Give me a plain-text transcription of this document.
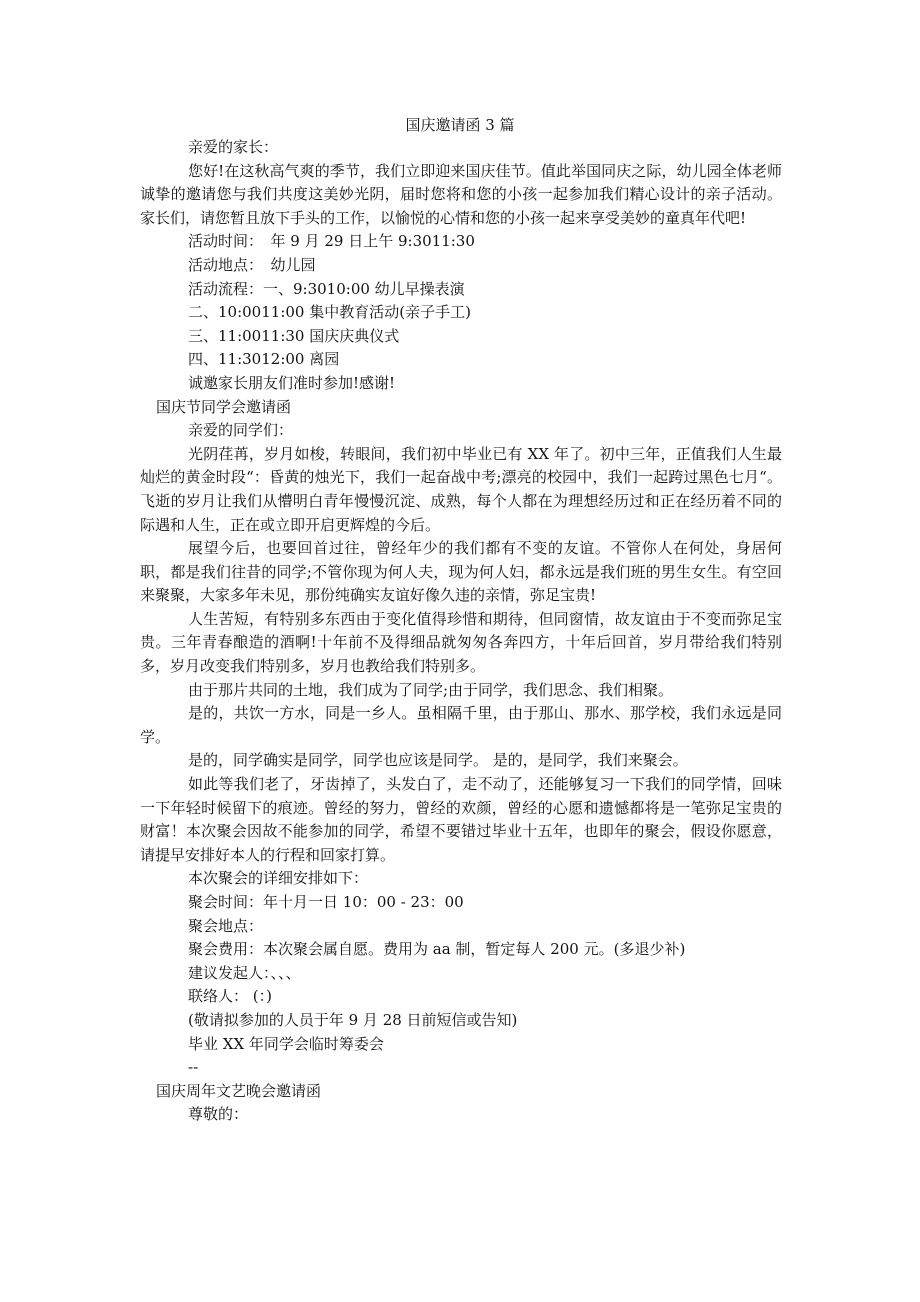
国庆邀请函 3 篇

亲爱的家长：

您好!在这秋高气爽的季节，我们立即迎来国庆佳节。值此举国同庆之际，幼儿园全体老师诚挚的邀请您与我们共度这美妙光阴，届时您将和您的小孩一起参加我们精心设计的亲子活动。家长们，请您暂且放下手头的工作，以愉悦的心情和您的小孩一起来享受美妙的童真年代吧!

活动时间：　年 9 月 29 日上午 9:3011:30

活动地点：　幼儿园

活动流程：一、9:3010:00 幼儿早操表演

二、10:0011:00 集中教育活动(亲子手工)

三、11:0011:30 国庆庆典仪式

四、11:3012:00 离园

诚邀家长朋友们准时参加!感谢!

国庆节同学会邀请函

亲爱的同学们：

光阴荏苒，岁月如梭，转眼间，我们初中毕业已有 XX 年了。初中三年，正值我们人生最灿烂的黄金时段“：昏黄的烛光下，我们一起奋战中考;漂亮的校园中，我们一起跨过黑色七月“。飞逝的岁月让我们从懵明白青年慢慢沉淀、成熟，每个人都在为理想经历过和正在经历着不同的际遇和人生，正在或立即开启更辉煌的今后。

展望今后，也要回首过往，曾经年少的我们都有不变的友谊。不管你人在何处，身居何职，都是我们往昔的同学;不管你现为何人夫，现为何人妇，都永远是我们班的男生女生。有空回来聚聚，大家多年未见，那份纯确实友谊好像久违的亲情，弥足宝贵!

人生苦短，有特别多东西由于变化值得珍惜和期待，但同窗情，故友谊由于不变而弥足宝贵。三年青春酿造的酒啊!十年前不及得细品就匆匆各奔四方，十年后回首，岁月带给我们特别多，岁月改变我们特别多，岁月也教给我们特别多。

由于那片共同的土地，我们成为了同学;由于同学，我们思念、我们相聚。

是的，共饮一方水，同是一乡人。虽相隔千里，由于那山、那水、那学校，我们永远是同学。

是的，同学确实是同学，同学也应该是同学。 是的，是同学，我们来聚会。

如此等我们老了，牙齿掉了，头发白了，走不动了，还能够复习一下我们的同学情，回味一下年轻时候留下的痕迹。曾经的努力，曾经的欢颜，曾经的心愿和遗憾都将是一笔弥足宝贵的财富！本次聚会因故不能参加的同学，希望不要错过毕业十五年，也即年的聚会，假设你愿意，请提早安排好本人的行程和回家打算。

本次聚会的详细安排如下：

聚会时间：年十月一日 10：00 - 23：00

聚会地点：

聚会费用：本次聚会属自愿。费用为 aa 制，暂定每人 200 元。(多退少补)

建议发起人：、、、

联络人： (：)

(敬请拟参加的人员于年 9 月 28 日前短信或告知)

毕业 XX 年同学会临时筹委会

--

国庆周年文艺晚会邀请函

尊敬的：
